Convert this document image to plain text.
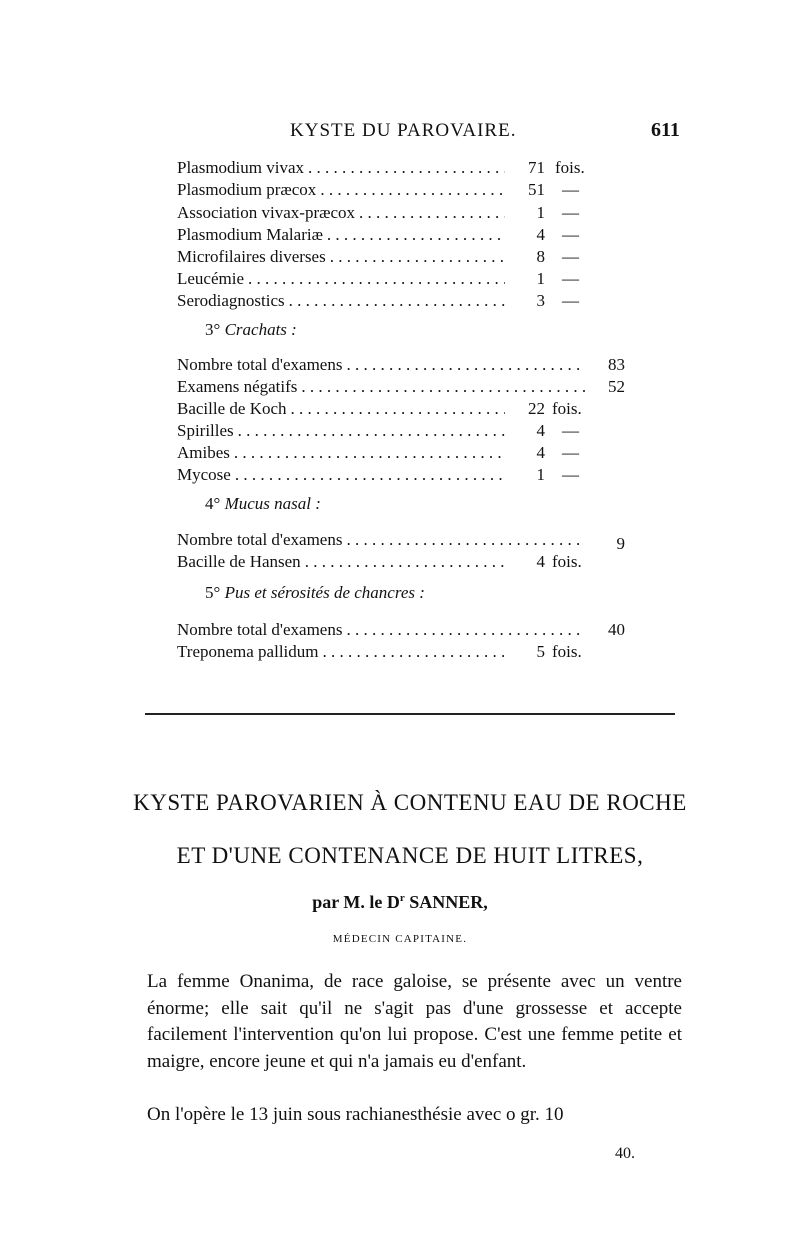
KYSTE DU PAROVAIRE.	611
Plasmodium vivax . . .	71 fois.
Plasmodium prӕcox . . .	51 —
Association vivax-prӕcox . . .	1 —
Plasmodium Malariӕ . . .	4 —
Microfilaires diverses . . .	8 —
Leucémie . . .	1 —
Serodiagnostics . . .	3 —
3° Crachats :
Nombre total d'examens . . .	83
Examens négatifs . . .	52
Bacille de Koch . . .	22 fois.
Spirilles . . .	4 —
Amibes . . .	4 —
Mycose . . .	1 —
4° Mucus nasal :
Nombre total d'examens . . .	9
Bacille de Hansen . . .	4 fois.
5° Pus et sérosités de chancres :
Nombre total d'examens . . .	40
Treponema pallidum . . .	5 fois.
KYSTE PAROVARIEN À CONTENU EAU DE ROCHE
ET D'UNE CONTENANCE DE HUIT LITRES,
par M. le $D^r$ SANNER,
MÉDECIN CAPITAINE.
La femme Onanima, de race galoise, se présente avec un ventre énorme; elle sait qu'il ne s'agit pas d'une grossesse et accepte facilement l'intervention qu'on lui propose. C'est une femme petite et maigre, encore jeune et qui n'a jamais eu d'enfant.
On l'opère le 13 juin sous rachianesthésie avec o gr. 10
40.
